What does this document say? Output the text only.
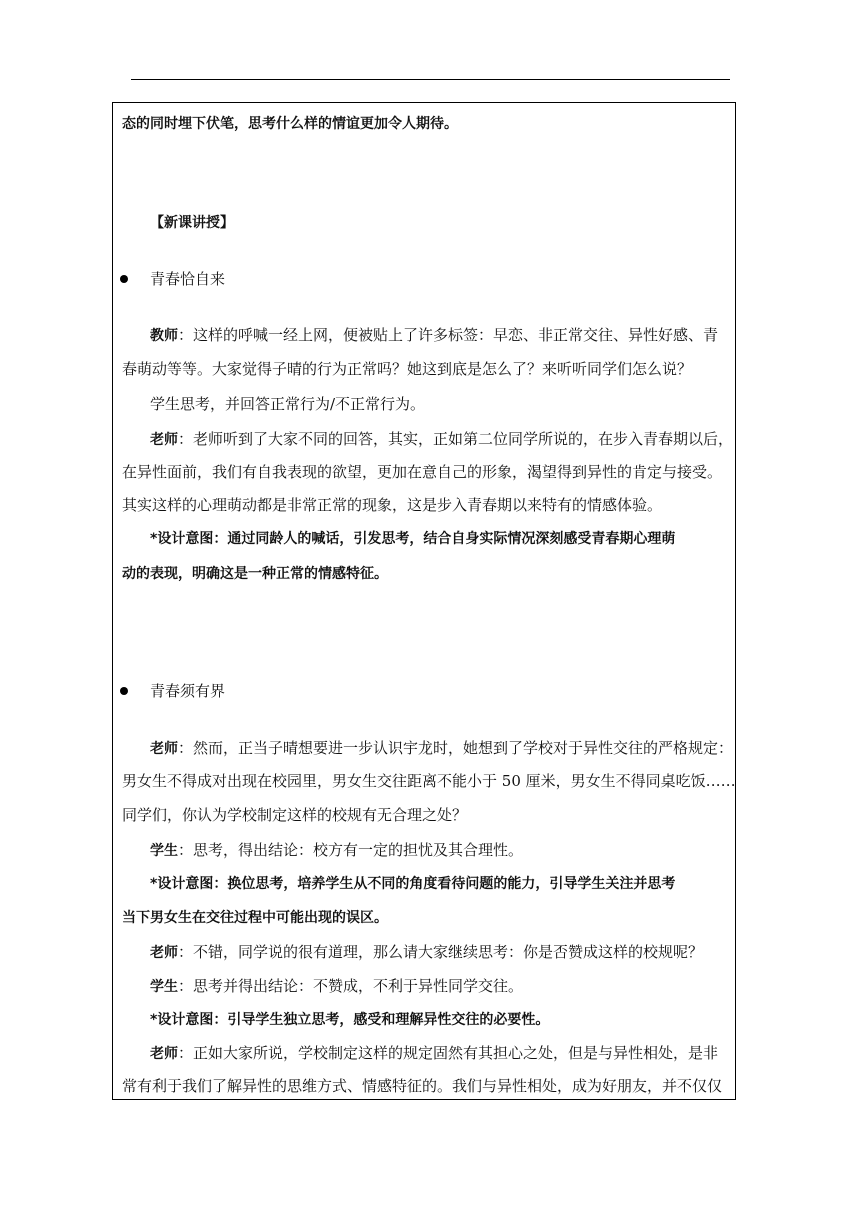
态的同时埋下伏笔，思考什么样的情谊更加令人期待。
【新课讲授】
青春恰自来
教师：这样的呼喊一经上网，便被贴上了许多标签：早恋、非正常交往、异性好感、青
春萌动等等。大家觉得子晴的行为正常吗？她这到底是怎么了？来听听同学们怎么说？
学生思考，并回答正常行为/不正常行为。
老师：老师听到了大家不同的回答，其实，正如第二位同学所说的，在步入青春期以后，
在异性面前，我们有自我表现的欲望，更加在意自己的形象，渴望得到异性的肯定与接受。
其实这样的心理萌动都是非常正常的现象，这是步入青春期以来特有的情感体验。
*设计意图：通过同龄人的喊话，引发思考，结合自身实际情况深刻感受青春期心理萌
动的表现，明确这是一种正常的情感特征。
青春须有界
老师：然而，正当子晴想要进一步认识宇龙时，她想到了学校对于异性交往的严格规定：
男女生不得成对出现在校园里，男女生交往距离不能小于 50 厘米，男女生不得同桌吃饭……
同学们，你认为学校制定这样的校规有无合理之处？
学生：思考，得出结论：校方有一定的担忧及其合理性。
*设计意图：换位思考，培养学生从不同的角度看待问题的能力，引导学生关注并思考
当下男女生在交往过程中可能出现的误区。
老师：不错，同学说的很有道理，那么请大家继续思考：你是否赞成这样的校规呢？
学生：思考并得出结论：不赞成，不利于异性同学交往。
*设计意图：引导学生独立思考，感受和理解异性交往的必要性。
老师：正如大家所说，学校制定这样的规定固然有其担心之处，但是与异性相处，是非
常有利于我们了解异性的思维方式、情感特征的。我们与异性相处，成为好朋友，并不仅仅
